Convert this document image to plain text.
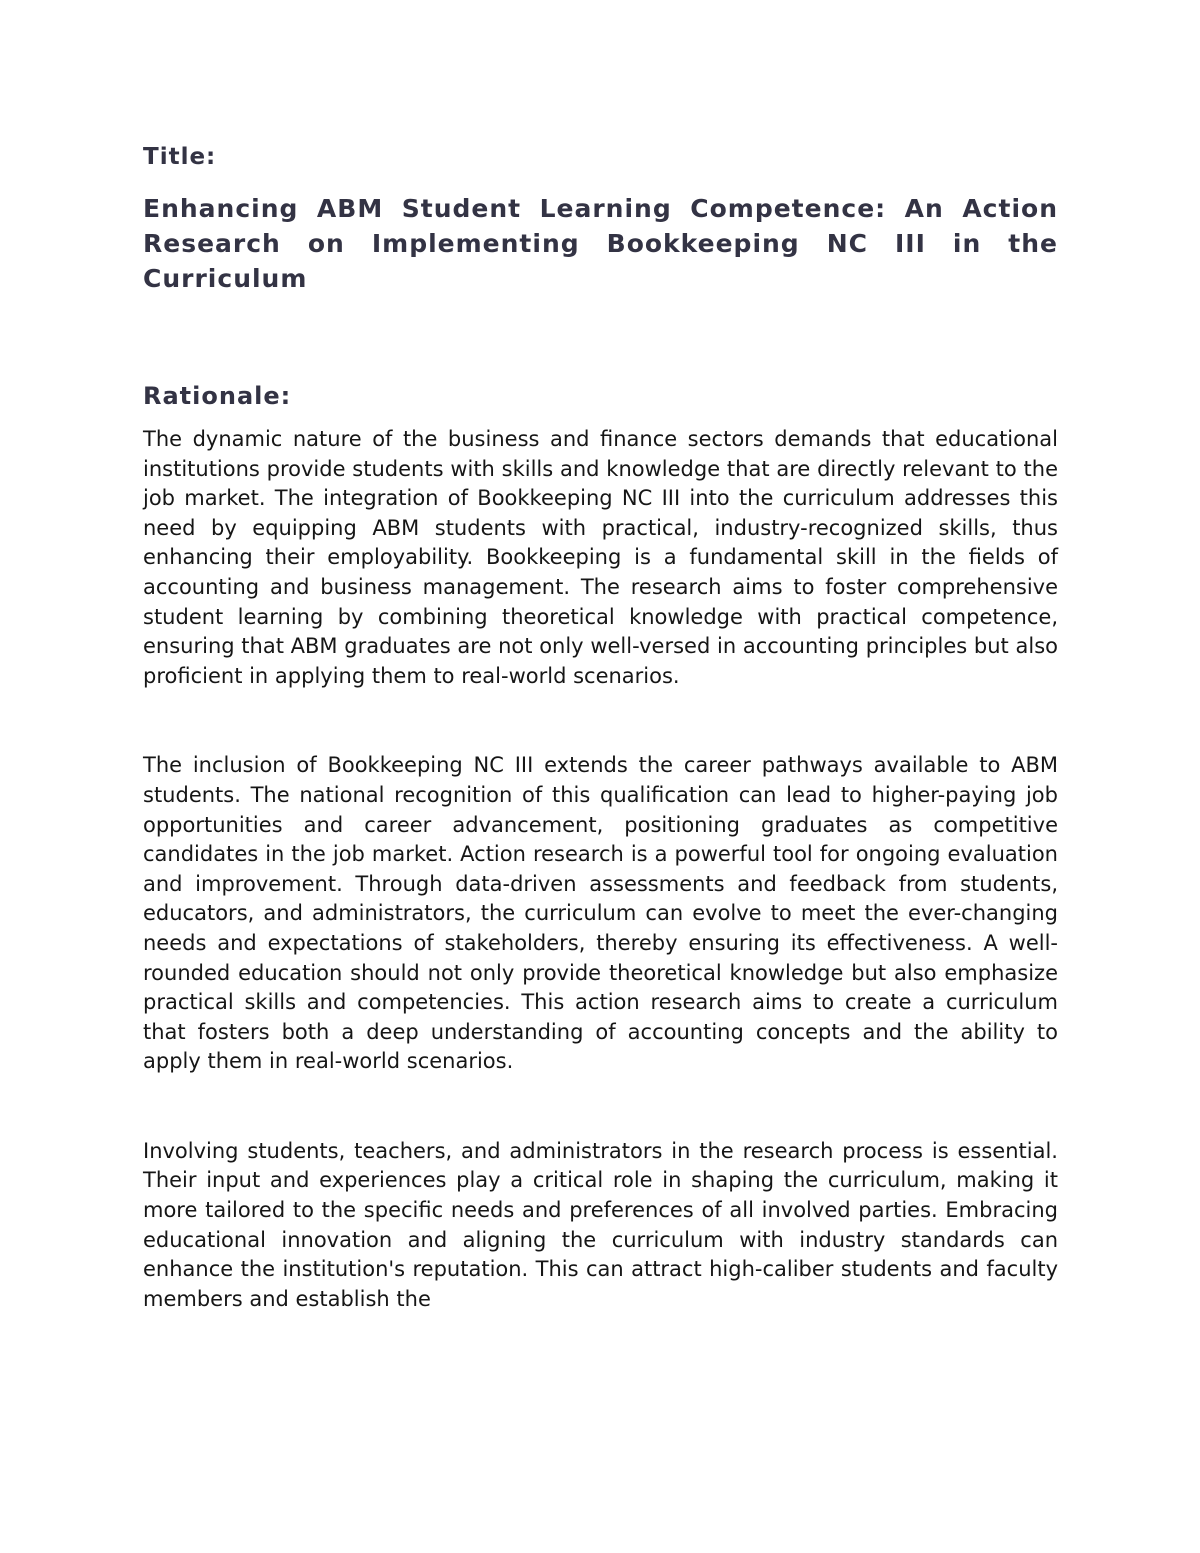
Title:
Enhancing ABM Student Learning Competence: An Action Research on Implementing Bookkeeping NC III in the Curriculum
Rationale:

The dynamic nature of the business and finance sectors demands that educational institutions provide students with skills and knowledge that are directly relevant to the job market. The integration of Bookkeeping NC III into the curriculum addresses this need by equipping ABM students with practical, industry-recognized skills, thus enhancing their employability. Bookkeeping is a fundamental skill in the fields of accounting and business management. The research aims to foster comprehensive student learning by combining theoretical knowledge with practical competence, ensuring that ABM graduates are not only well-versed in accounting principles but also proficient in applying them to real-world scenarios.

The inclusion of Bookkeeping NC III extends the career pathways available to ABM students. The national recognition of this qualification can lead to higher-paying job opportunities and career advancement, positioning graduates as competitive candidates in the job market. Action research is a powerful tool for ongoing evaluation and improvement. Through data-driven assessments and feedback from students, educators, and administrators, the curriculum can evolve to meet the ever-changing needs and expectations of stakeholders, thereby ensuring its effectiveness. A well-rounded education should not only provide theoretical knowledge but also emphasize practical skills and competencies. This action research aims to create a curriculum that fosters both a deep understanding of accounting concepts and the ability to apply them in real-world scenarios.

Involving students, teachers, and administrators in the research process is essential. Their input and experiences play a critical role in shaping the curriculum, making it more tailored to the specific needs and preferences of all involved parties. Embracing educational innovation and aligning the curriculum with industry standards can enhance the institution's reputation. This can attract high-caliber students and faculty members and establish the
